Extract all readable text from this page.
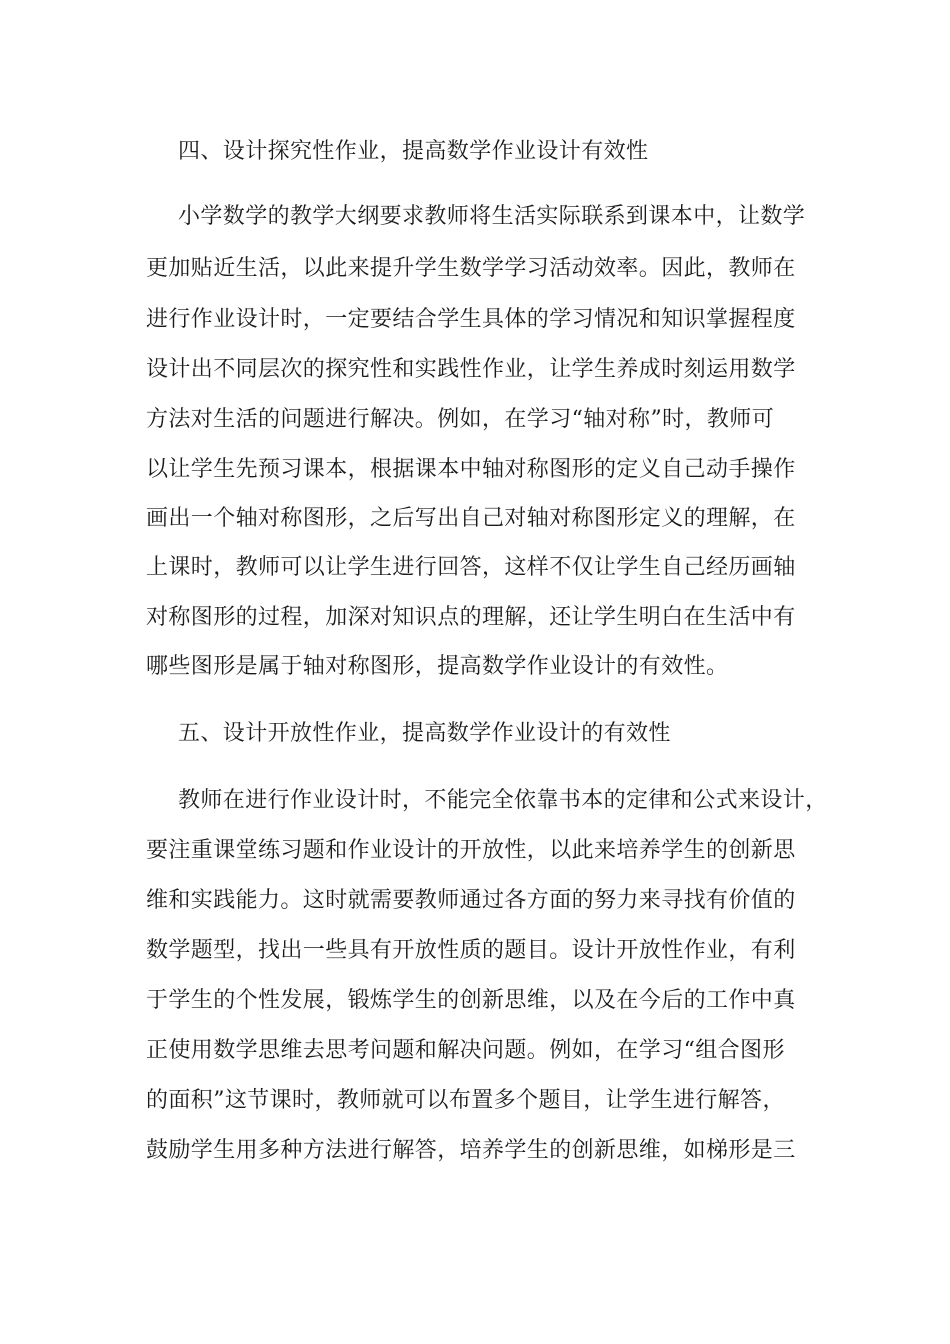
四、设计探究性作业，提高数学作业设计有效性
小学数学的教学大纲要求教师将生活实际联系到课本中，让数学
更加贴近生活，以此来提升学生数学学习活动效率。因此，教师在
进行作业设计时，一定要结合学生具体的学习情况和知识掌握程度
设计出不同层次的探究性和实践性作业，让学生养成时刻运用数学
方法对生活的问题进行解决。例如，在学习“轴对称”时，教师可
以让学生先预习课本，根据课本中轴对称图形的定义自己动手操作
画出一个轴对称图形，之后写出自己对轴对称图形定义的理解，在
上课时，教师可以让学生进行回答，这样不仅让学生自己经历画轴
对称图形的过程，加深对知识点的理解，还让学生明白在生活中有
哪些图形是属于轴对称图形，提高数学作业设计的有效性。
五、设计开放性作业，提高数学作业设计的有效性
教师在进行作业设计时，不能完全依靠书本的定律和公式来设计，
要注重课堂练习题和作业设计的开放性，以此来培养学生的创新思
维和实践能力。这时就需要教师通过各方面的努力来寻找有价值的
数学题型，找出一些具有开放性质的题目。设计开放性作业，有利
于学生的个性发展，锻炼学生的创新思维，以及在今后的工作中真
正使用数学思维去思考问题和解决问题。例如，在学习“组合图形
的面积”这节课时，教师就可以布置多个题目，让学生进行解答，
鼓励学生用多种方法进行解答，培养学生的创新思维，如梯形是三
